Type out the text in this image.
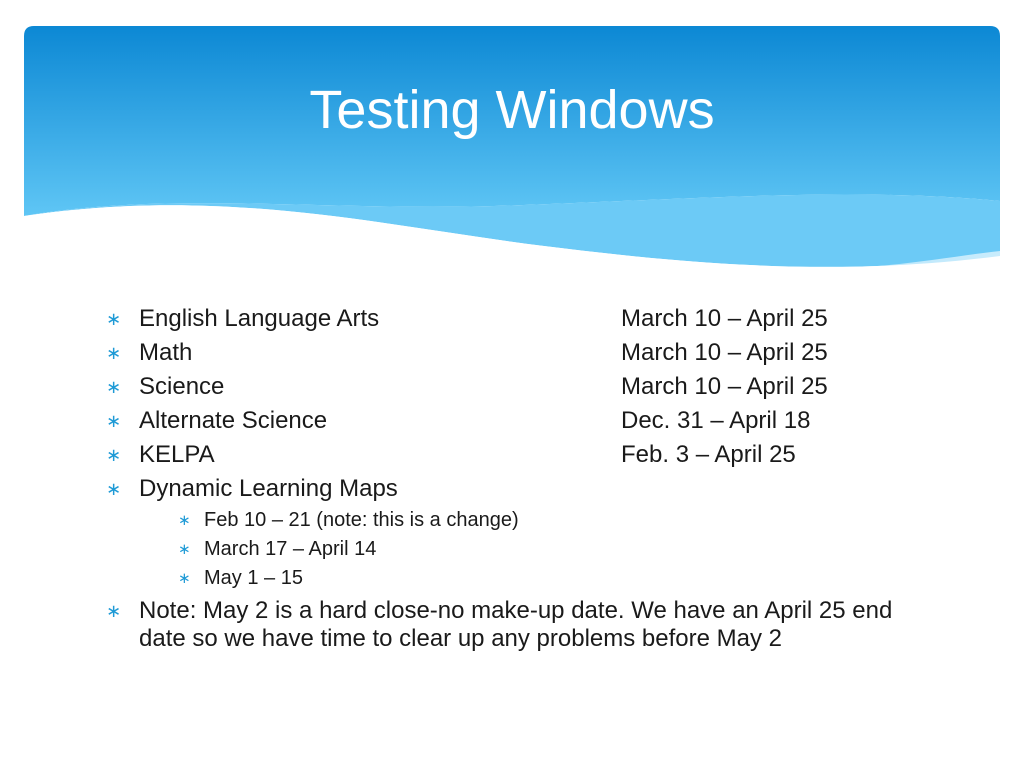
Testing Windows
∗ English Language Arts	March 10 – April 25
∗ Math	March 10 – April 25
∗ Science	March 10 – April 25
∗ Alternate Science	Dec. 31 – April 18
∗ KELPA	Feb. 3 – April 25
∗ Dynamic Learning Maps
∗ Feb 10 – 21 (note: this is a change)
∗ March 17 – April 14
∗ May 1 – 15
∗ Note: May 2 is a hard close-no make-up date. We have an April 25 end date so we have time to clear up any problems before May 2
